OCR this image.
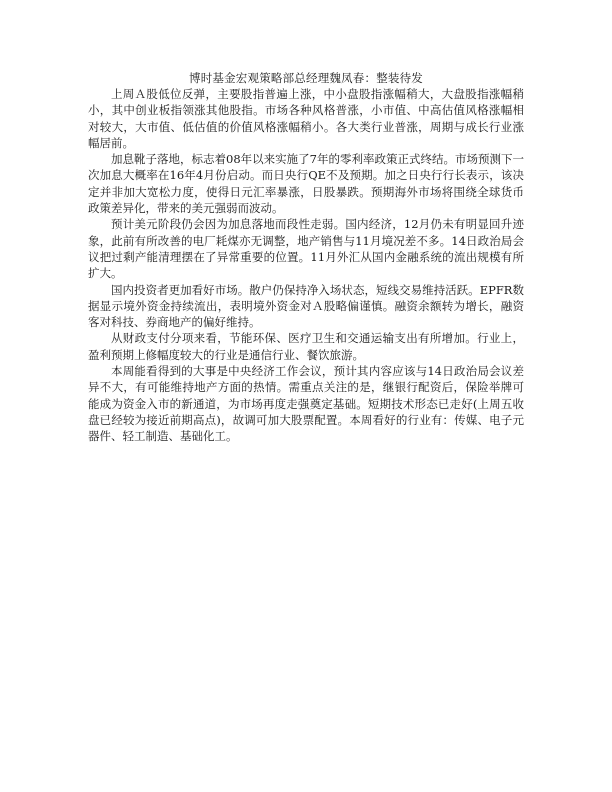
博时基金宏观策略部总经理魏凤春：整装待发

上周Ａ股低位反弹，主要股指普遍上涨，中小盘股指涨幅稍大，大盘股指涨幅稍小，其中创业板指领涨其他股指。市场各种风格普涨，小市值、中高估值风格涨幅相对较大，大市值、低估值的价值风格涨幅稍小。各大类行业普涨，周期与成长行业涨幅居前。

加息靴子落地，标志着08年以来实施了7年的零利率政策正式终结。市场预测下一次加息大概率在16年4月份启动。而日央行QE不及预期。加之日央行行长表示，该决定并非加大宽松力度，使得日元汇率暴涨，日股暴跌。预期海外市场将围绕全球货币政策差异化，带来的美元强弱而波动。

预计美元阶段仍会因为加息落地而段性走弱。国内经济，12月仍未有明显回升迹象，此前有所改善的电厂耗煤亦无调整，地产销售与11月境况差不多。14日政治局会议把过剩产能清理摆在了异常重要的位置。11月外汇从国内金融系统的流出规模有所扩大。

国内投资者更加看好市场。散户仍保持净入场状态，短线交易维持活跃。EPFR数据显示境外资金持续流出，表明境外资金对Ａ股略偏谨慎。融资余额转为增长，融资客对科技、券商地产的偏好维持。

从财政支付分项来看，节能环保、医疗卫生和交通运输支出有所增加。行业上，盈利预期上修幅度较大的行业是通信行业、餐饮旅游。

本周能看得到的大事是中央经济工作会议，预计其内容应该与14日政治局会议差异不大，有可能维持地产方面的热情。需重点关注的是，继银行配资后，保险举牌可能成为资金入市的新通道，为市场再度走强奠定基础。短期技术形态已走好(上周五收盘已经较为接近前期高点)，故调可加大股票配置。本周看好的行业有：传媒、电子元器件、轻工制造、基础化工。
